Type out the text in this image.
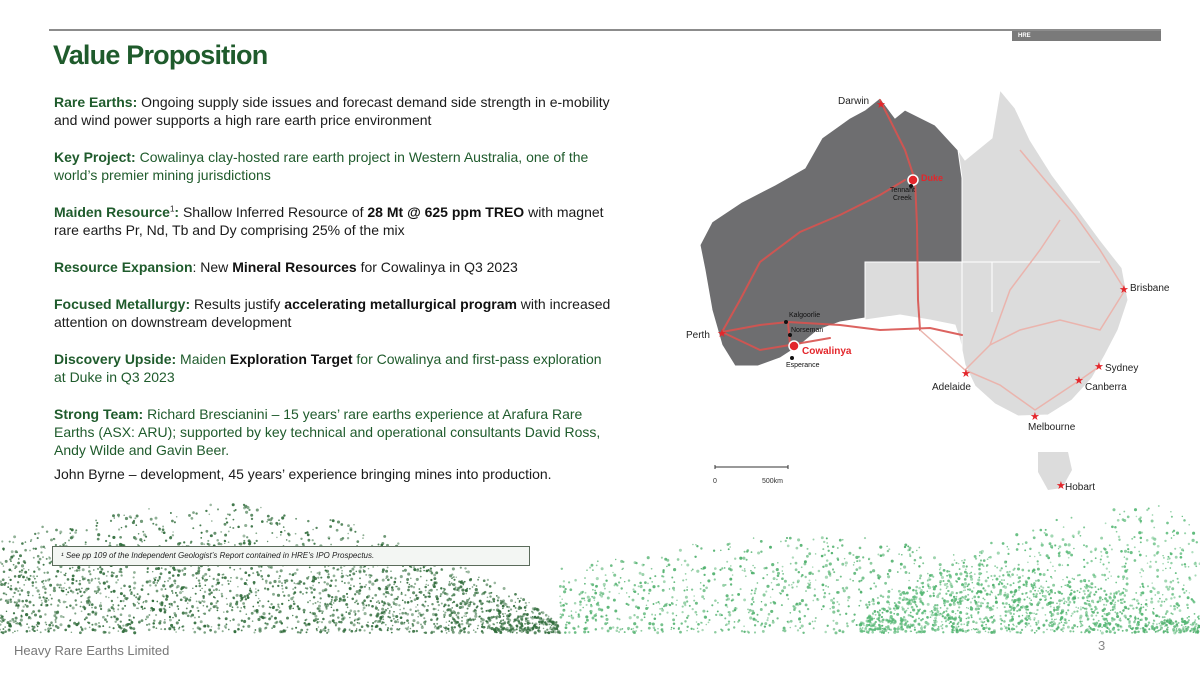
HRE
Value Proposition
Rare Earths: Ongoing supply side issues and forecast demand side strength in e-mobility and wind power supports a high rare earth price environment
Key Project: Cowalinya clay-hosted rare earth project in Western Australia, one of the world’s premier mining jurisdictions
Maiden Resource$^1$: Shallow Inferred Resource of 28 Mt @ 625 ppm TREO with magnet rare earths Pr, Nd, Tb and Dy comprising 25% of the mix
Resource Expansion: New Mineral Resources for Cowalinya in Q3 2023
Focused Metallurgy: Results justify accelerating metallurgical program with increased attention on downstream development
Discovery Upside: Maiden Exploration Target for Cowalinya and first-pass exploration at Duke in Q3 2023
Strong Team: Richard Brescianini – 15 years’ rare earths experience at Arafura Rare Earths (ASX: ARU); supported by key technical and operational consultants David Ross, Andy Wilde and Gavin Beer.
John Byrne – development, 45 years’ experience bringing mines into production.
★
★
★
★
★
★
★
★
Darwin
Perth
Adelaide
Melbourne
Hobart
Sydney
Canberra
Brisbane
Tennant
Creek
Kalgoorlie
Norseman
Esperance
Duke
Cowalinya
0	500km
¹ See pp 109 of the Independent Geologist’s Report contained in HRE’s IPO Prospectus.
Heavy Rare Earths Limited	3
